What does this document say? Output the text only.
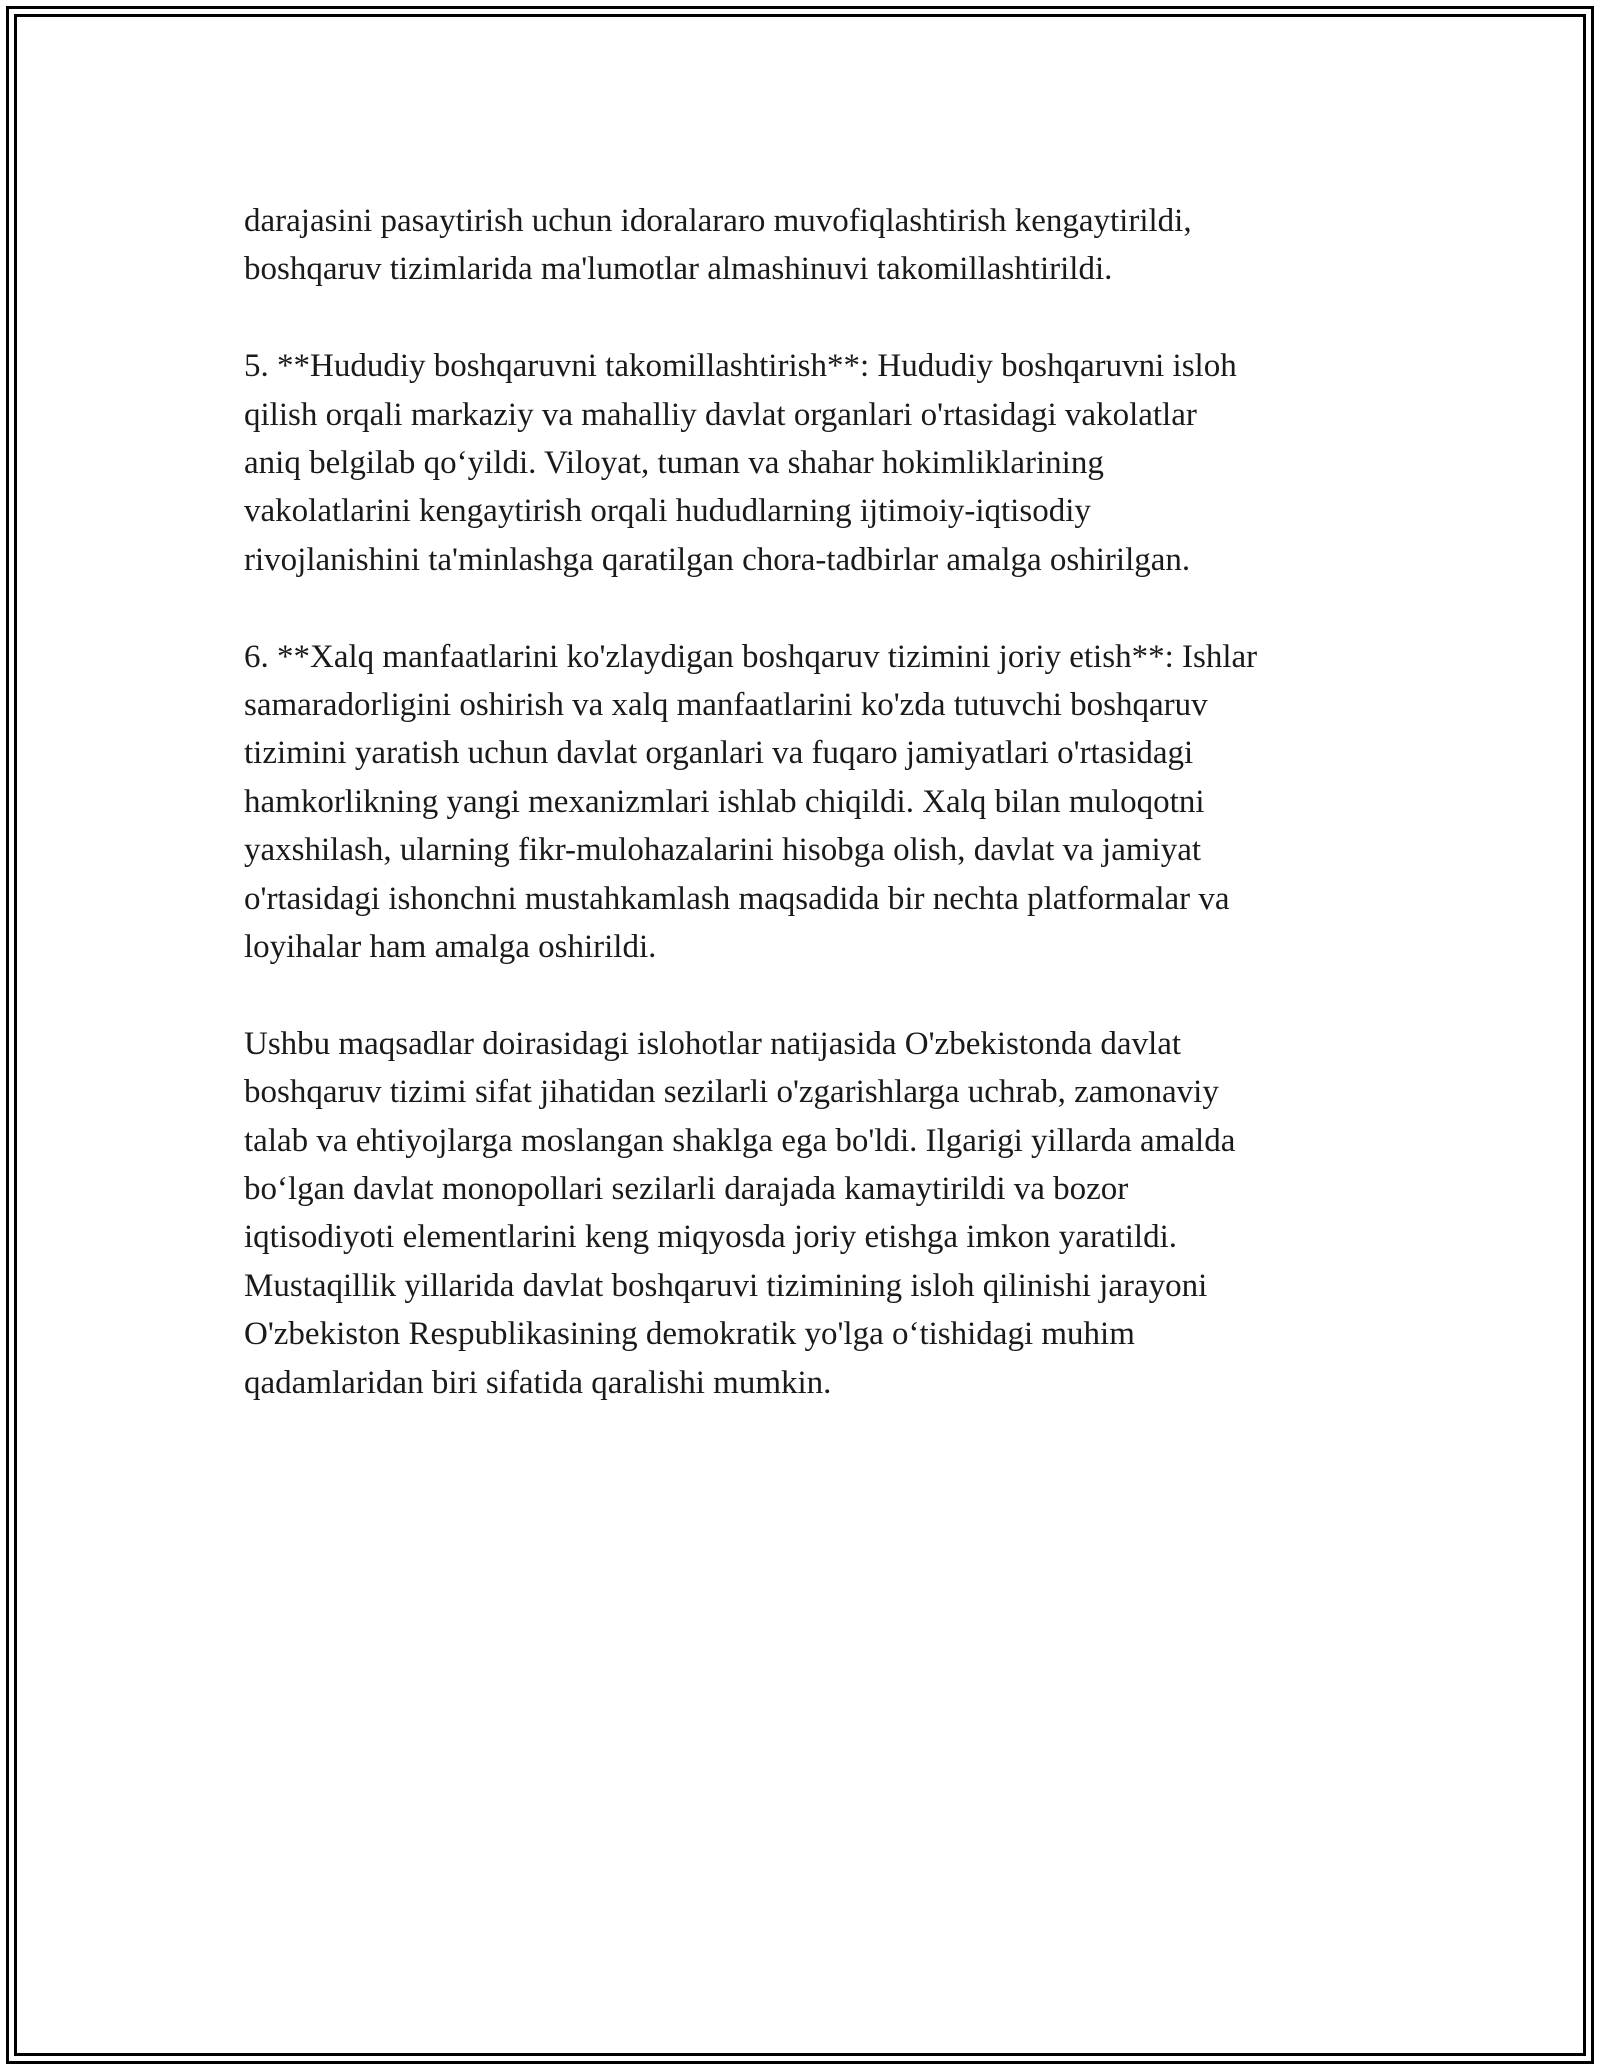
darajasini pasaytirish uchun idoralararo muvofiqlashtirish kengaytirildi,
boshqaruv tizimlarida ma'lumotlar almashinuvi takomillashtirildi.

5. **Hududiy boshqaruvni takomillashtirish**: Hududiy boshqaruvni isloh
qilish orqali markaziy va mahalliy davlat organlari o'rtasidagi vakolatlar
aniq belgilab qo‘yildi. Viloyat, tuman va shahar hokimliklarining
vakolatlarini kengaytirish orqali hududlarning ijtimoiy-iqtisodiy
rivojlanishini ta'minlashga qaratilgan chora-tadbirlar amalga oshirilgan.

6. **Xalq manfaatlarini ko'zlaydigan boshqaruv tizimini joriy etish**: Ishlar
samaradorligini oshirish va xalq manfaatlarini ko'zda tutuvchi boshqaruv
tizimini yaratish uchun davlat organlari va fuqaro jamiyatlari o'rtasidagi
hamkorlikning yangi mexanizmlari ishlab chiqildi. Xalq bilan muloqotni
yaxshilash, ularning fikr-mulohazalarini hisobga olish, davlat va jamiyat
o'rtasidagi ishonchni mustahkamlash maqsadida bir nechta platformalar va
loyihalar ham amalga oshirildi.

Ushbu maqsadlar doirasidagi islohotlar natijasida O'zbekistonda davlat
boshqaruv tizimi sifat jihatidan sezilarli o'zgarishlarga uchrab, zamonaviy
talab va ehtiyojlarga moslangan shaklga ega bo'ldi. Ilgarigi yillarda amalda
bo‘lgan davlat monopollari sezilarli darajada kamaytirildi va bozor
iqtisodiyoti elementlarini keng miqyosda joriy etishga imkon yaratildi.
Mustaqillik yillarida davlat boshqaruvi tizimining isloh qilinishi jarayoni
O'zbekiston Respublikasining demokratik yo'lga o‘tishidagi muhim
qadamlaridan biri sifatida qaralishi mumkin.
